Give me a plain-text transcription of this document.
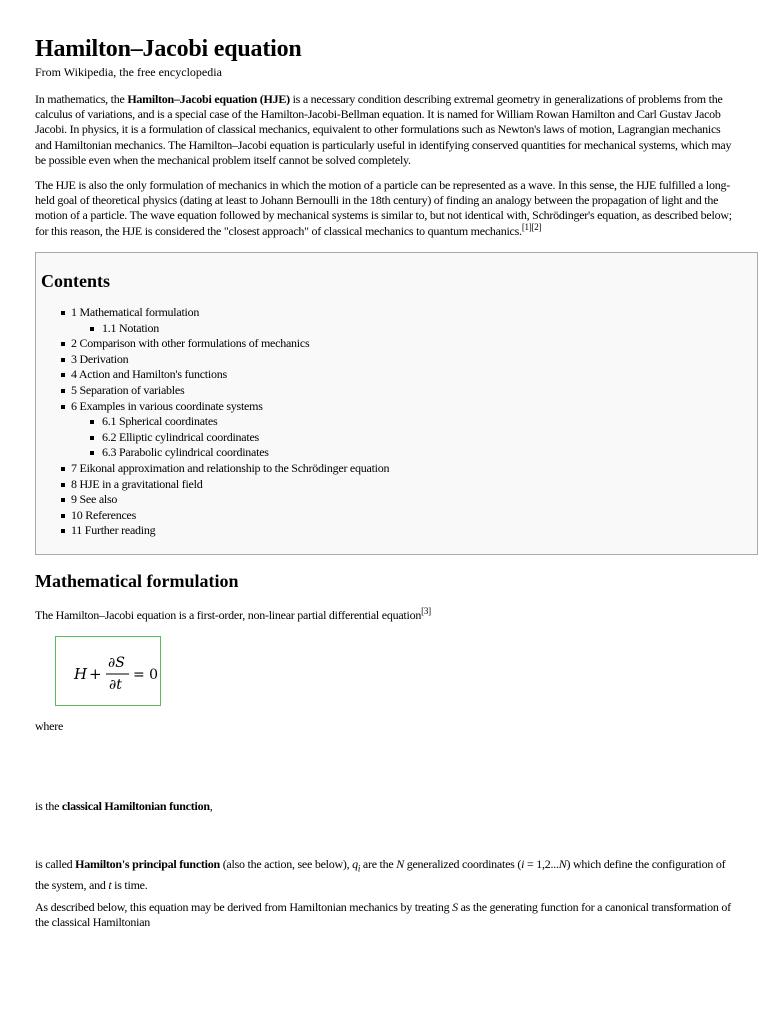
Hamilton–Jacobi equation
From Wikipedia, the free encyclopedia

In mathematics, the Hamilton–Jacobi equation (HJE) is a necessary condition describing extremal geometry in generalizations of problems from the calculus of variations, and is a special case of the Hamilton-Jacobi-Bellman equation. It is named for William Rowan Hamilton and Carl Gustav Jacob Jacobi. In physics, it is a formulation of classical mechanics, equivalent to other formulations such as Newton's laws of motion, Lagrangian mechanics and Hamiltonian mechanics. The Hamilton–Jacobi equation is particularly useful in identifying conserved quantities for mechanical systems, which may be possible even when the mechanical problem itself cannot be solved completely.

The HJE is also the only formulation of mechanics in which the motion of a particle can be represented as a wave. In this sense, the HJE fulfilled a long-held goal of theoretical physics (dating at least to Johann Bernoulli in the 18th century) of finding an analogy between the propagation of light and the motion of a particle. The wave equation followed by mechanical systems is similar to, but not identical with, Schrödinger's equation, as described below; for this reason, the HJE is considered the "closest approach" of classical mechanics to quantum mechanics.[1][2]

Contents
1 Mathematical formulation
1.1 Notation
2 Comparison with other formulations of mechanics
3 Derivation
4 Action and Hamilton's functions
5 Separation of variables
6 Examples in various coordinate systems
6.1 Spherical coordinates
6.2 Elliptic cylindrical coordinates
6.3 Parabolic cylindrical coordinates
7 Eikonal approximation and relationship to the Schrödinger equation
8 HJE in a gravitational field
9 See also
10 References
11 Further reading
Mathematical formulation

The Hamilton–Jacobi equation is a first-order, non-linear partial differential equation[3]

H +
∂S
∂t
= 0

where

is the classical Hamiltonian function,

is called Hamilton's principal function (also the action, see below), $q_i$ are the N generalized coordinates (i = 1,2...N) which define the configuration of the system, and t is time.

As described below, this equation may be derived from Hamiltonian mechanics by treating S as the generating function for a canonical transformation of the classical Hamiltonian
